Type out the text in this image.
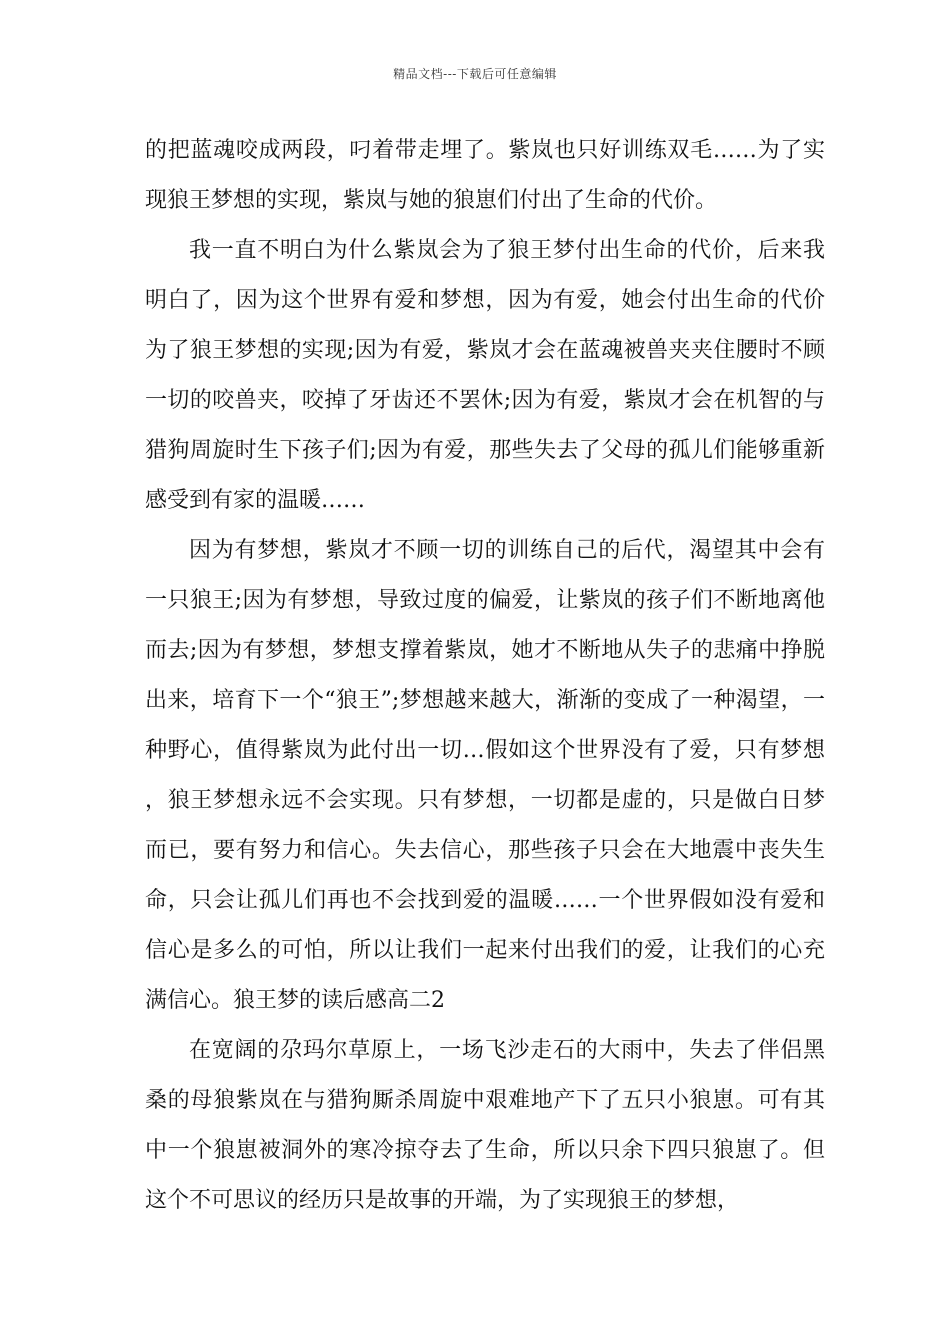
精品文档---下载后可任意编辑

的把蓝魂咬成两段，叼着带走埋了。紫岚也只好训练双毛……为了实现狼王梦想的实现，紫岚与她的狼崽们付出了生命的代价。

我一直不明白为什么紫岚会为了狼王梦付出生命的代价，后来我明白了，因为这个世界有爱和梦想，因为有爱，她会付出生命的代价为了狼王梦想的实现;因为有爱，紫岚才会在蓝魂被兽夹夹住腰时不顾一切的咬兽夹，咬掉了牙齿还不罢休;因为有爱，紫岚才会在机智的与猎狗周旋时生下孩子们;因为有爱，那些失去了父母的孤儿们能够重新感受到有家的温暖……

因为有梦想，紫岚才不顾一切的训练自己的后代，渴望其中会有一只狼王;因为有梦想，导致过度的偏爱，让紫岚的孩子们不断地离他而去;因为有梦想，梦想支撑着紫岚，她才不断地从失子的悲痛中挣脱出来，培育下一个“狼王”;梦想越来越大，渐渐的变成了一种渴望，一种野心，值得紫岚为此付出一切…假如这个世界没有了爱，只有梦想，狼王梦想永远不会实现。只有梦想，一切都是虚的，只是做白日梦而已，要有努力和信心。失去信心，那些孩子只会在大地震中丧失生命，只会让孤儿们再也不会找到爱的温暖……一个世界假如没有爱和信心是多么的可怕，所以让我们一起来付出我们的爱，让我们的心充满信心。狼王梦的读后感高二2

在宽阔的尕玛尔草原上，一场飞沙走石的大雨中，失去了伴侣黑桑的母狼紫岚在与猎狗厮杀周旋中艰难地产下了五只小狼崽。可有其中一个狼崽被洞外的寒冷掠夺去了生命，所以只余下四只狼崽了。但这个不可思议的经历只是故事的开端，为了实现狼王的梦想，
